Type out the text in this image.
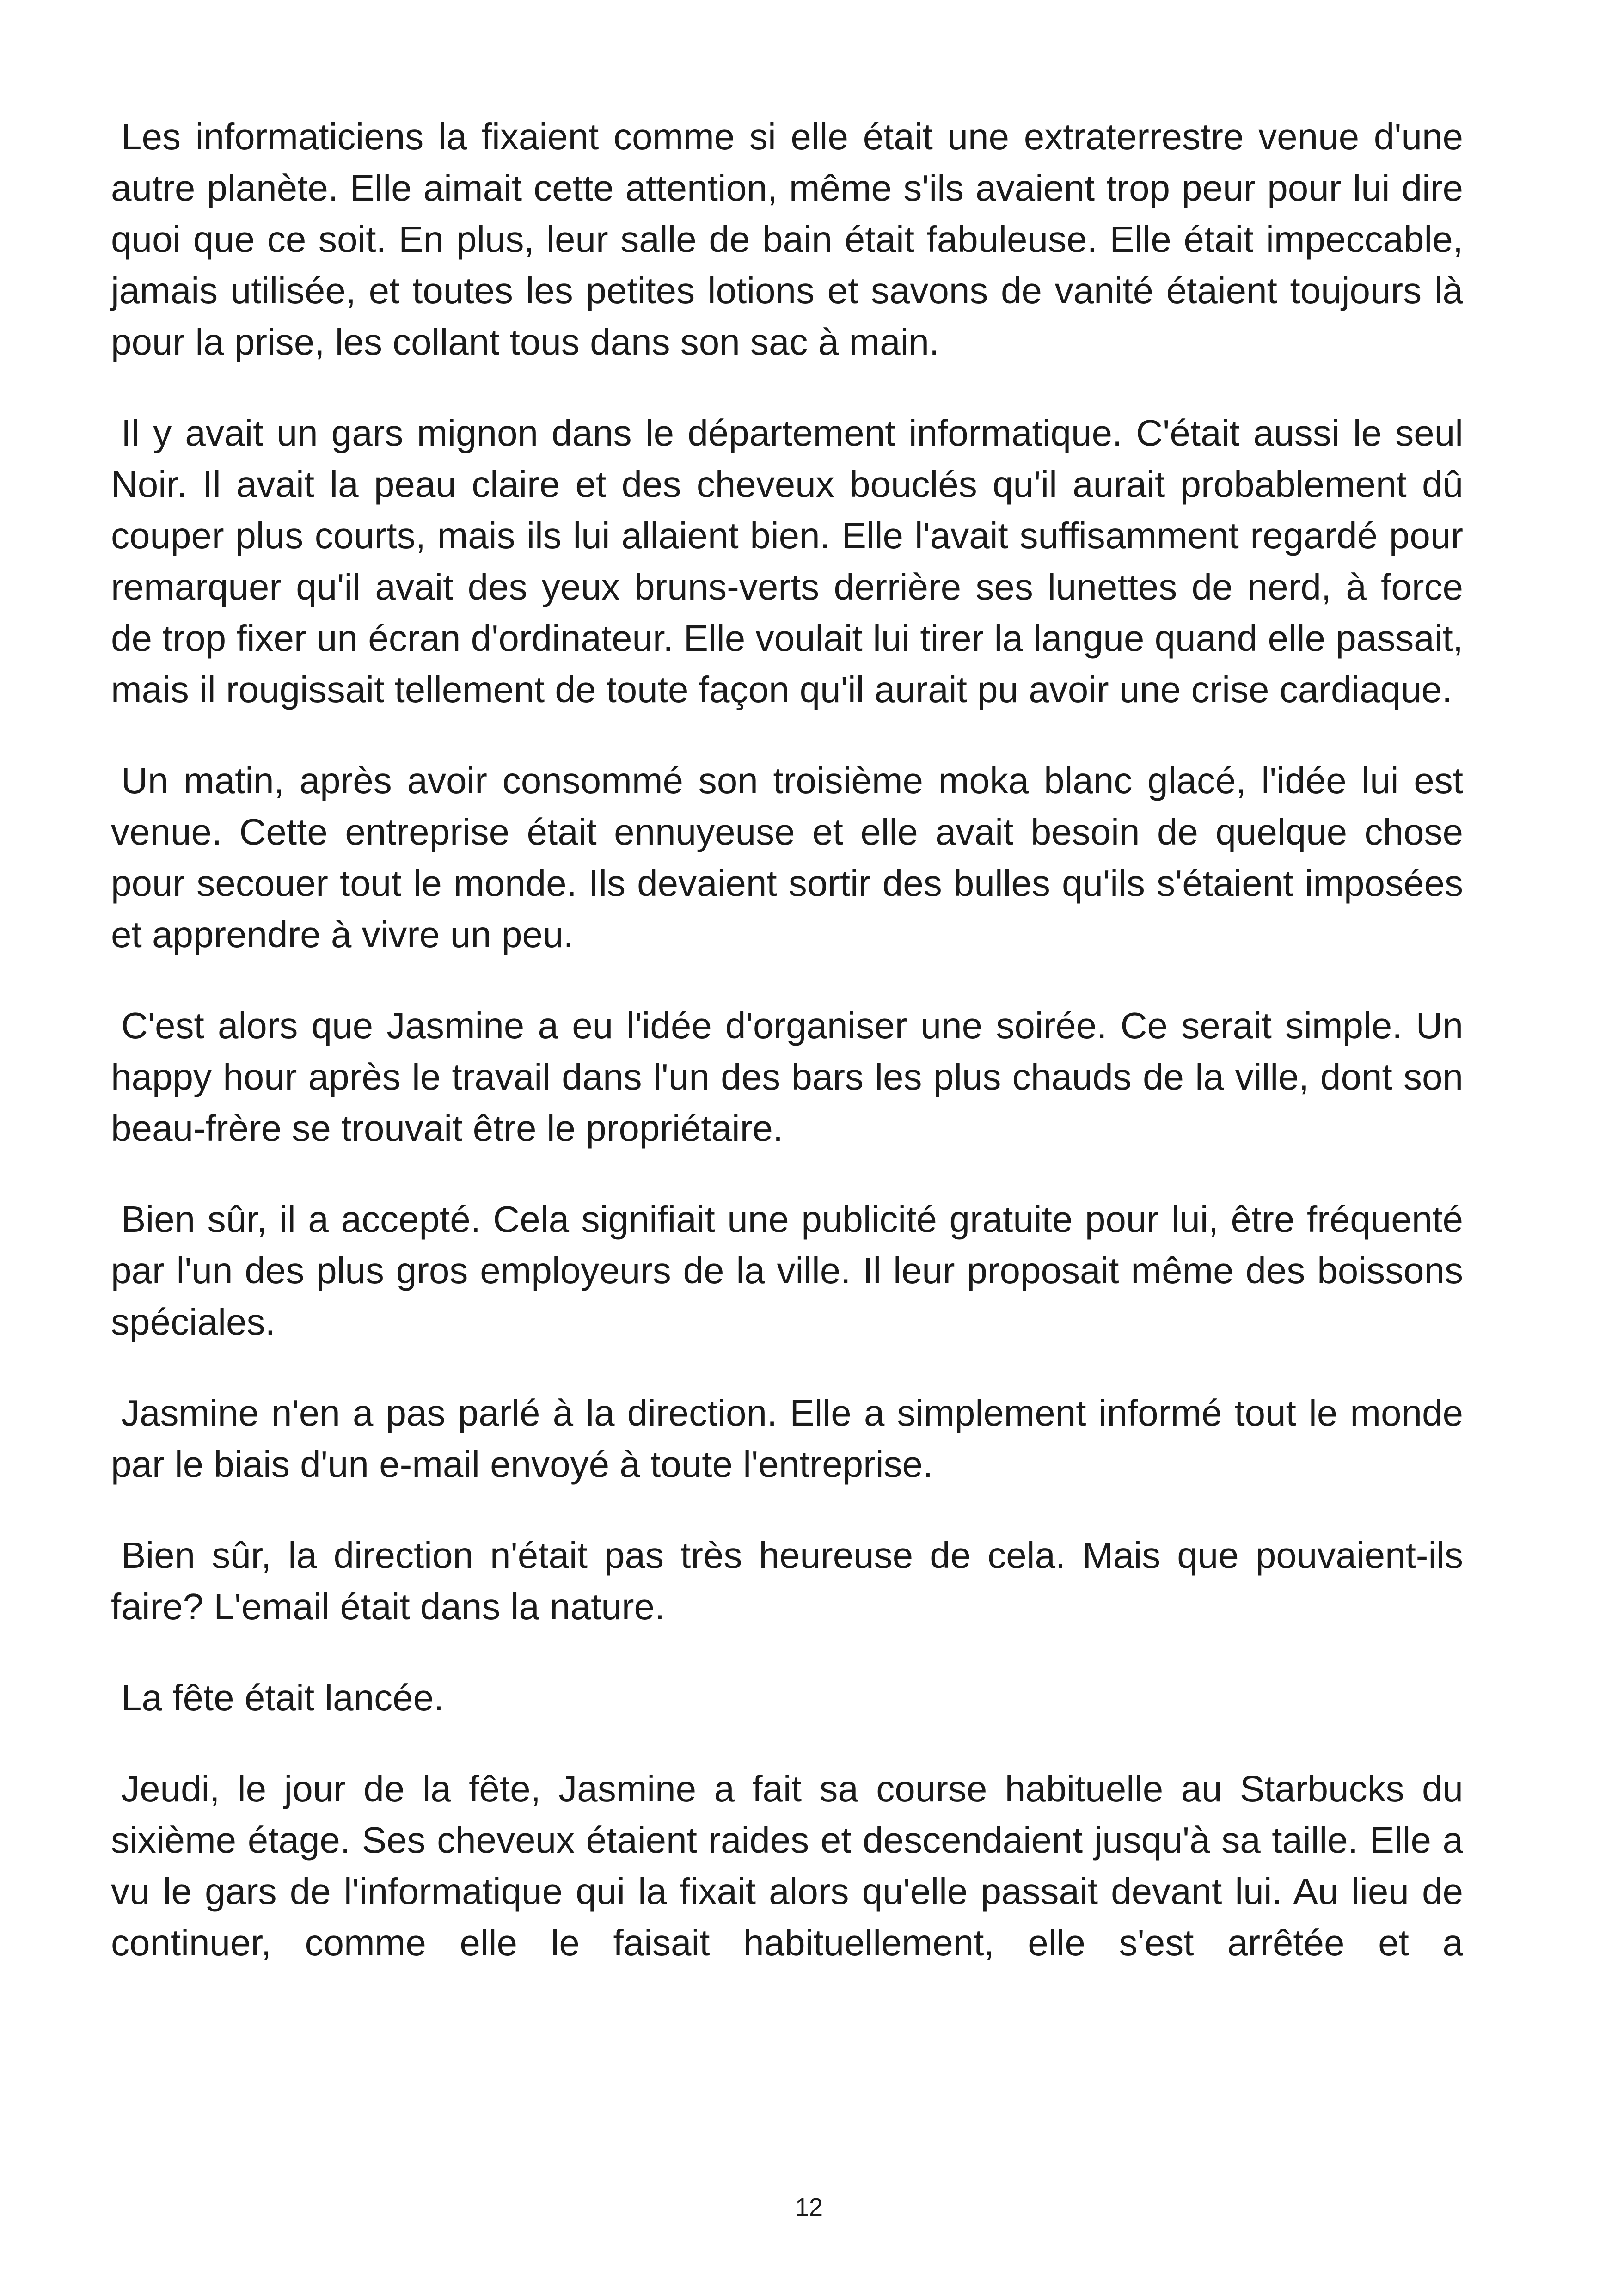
Les informaticiens la fixaient comme si elle était une extraterrestre venue d'une autre planète. Elle aimait cette attention, même s'ils avaient trop peur pour lui dire quoi que ce soit. En plus, leur salle de bain était fabuleuse. Elle était impeccable, jamais utilisée, et toutes les petites lotions et savons de vanité étaient toujours là pour la prise, les collant tous dans son sac à main.

Il y avait un gars mignon dans le département informatique. C'était aussi le seul Noir. Il avait la peau claire et des cheveux bouclés qu'il aurait probablement dû couper plus courts, mais ils lui allaient bien. Elle l'avait suffisamment regardé pour remarquer qu'il avait des yeux bruns-verts derrière ses lunettes de nerd, à force de trop fixer un écran d'ordinateur. Elle voulait lui tirer la langue quand elle passait, mais il rougissait tellement de toute façon qu'il aurait pu avoir une crise cardiaque.

Un matin, après avoir consommé son troisième moka blanc glacé, l'idée lui est venue. Cette entreprise était ennuyeuse et elle avait besoin de quelque chose pour secouer tout le monde. Ils devaient sortir des bulles qu'ils s'étaient imposées et apprendre à vivre un peu.

C'est alors que Jasmine a eu l'idée d'organiser une soirée. Ce serait simple. Un happy hour après le travail dans l'un des bars les plus chauds de la ville, dont son beau-frère se trouvait être le propriétaire.

Bien sûr, il a accepté. Cela signifiait une publicité gratuite pour lui, être fréquenté par l'un des plus gros employeurs de la ville. Il leur proposait même des boissons spéciales.

Jasmine n'en a pas parlé à la direction. Elle a simplement informé tout le monde par le biais d'un e-mail envoyé à toute l'entreprise.

Bien sûr, la direction n'était pas très heureuse de cela. Mais que pouvaient-ils faire? L'email était dans la nature.

La fête était lancée.

Jeudi, le jour de la fête, Jasmine a fait sa course habituelle au Starbucks du sixième étage. Ses cheveux étaient raides et descendaient jusqu'à sa taille. Elle a vu le gars de l'informatique qui la fixait alors qu'elle passait devant lui. Au lieu de continuer, comme elle le faisait habituellement, elle s'est arrêtée et a

12
